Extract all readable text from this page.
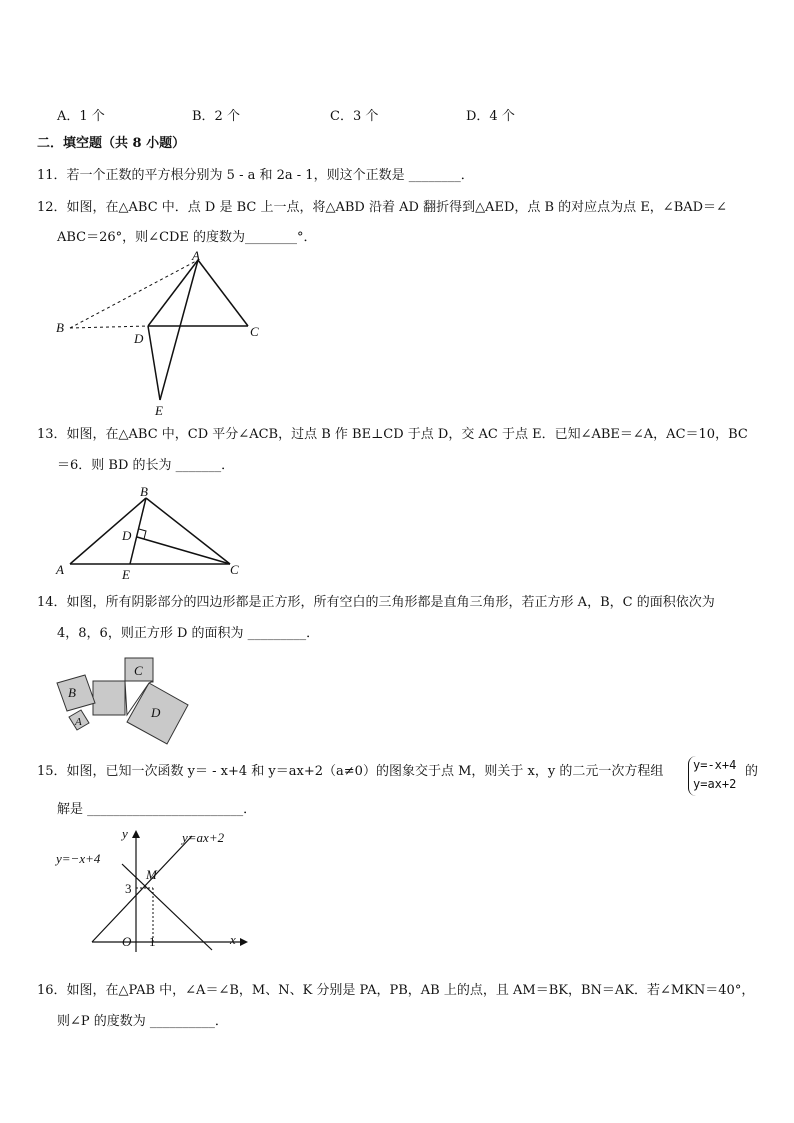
A．1 个	B．2 个	C．3 个	D．4 个
二．填空题（共 8 小题）
11．若一个正数的平方根分别为 5 - a 和 2a - 1，则这个正数是 ________．
12．如图，在△ABC 中．点 D 是 BC 上一点，将△ABD 沿着 AD 翻折得到△AED，点 B 的对应点为点 E，∠BAD＝∠
ABC＝26°，则∠CDE 的度数为________°．
A
B	C
D
E
13．如图，在△ABC 中，CD 平分∠ACB，过点 B 作 BE⊥CD 于点 D，交 AC 于点 E．已知∠ABE＝∠A，AC＝10，BC
＝6．则 BD 的长为 _______．
B
D
A	E	C
14．如图，所有阴影部分的四边形都是正方形，所有空白的三角形都是直角三角形，若正方形 A，B，C 的面积依次为
4，8，6，则正方形 D 的面积为 _________．
C
B
A
D
15．如图，已知一次函数 y＝ - x+4 和 y＝ax+2（a≠0）的图象交于点 M，则关于 x，y 的二元一次方程组 y=-x+4
y=ax+2
的
解是 ________________________．
y
x
O 1
3
M
y=−x+4
y=ax+2
16．如图，在△PAB 中，∠A＝∠B，M、N、K 分别是 PA，PB，AB 上的点，且 AM＝BK，BN＝AK．若∠MKN＝40°，
则∠P 的度数为 __________．
